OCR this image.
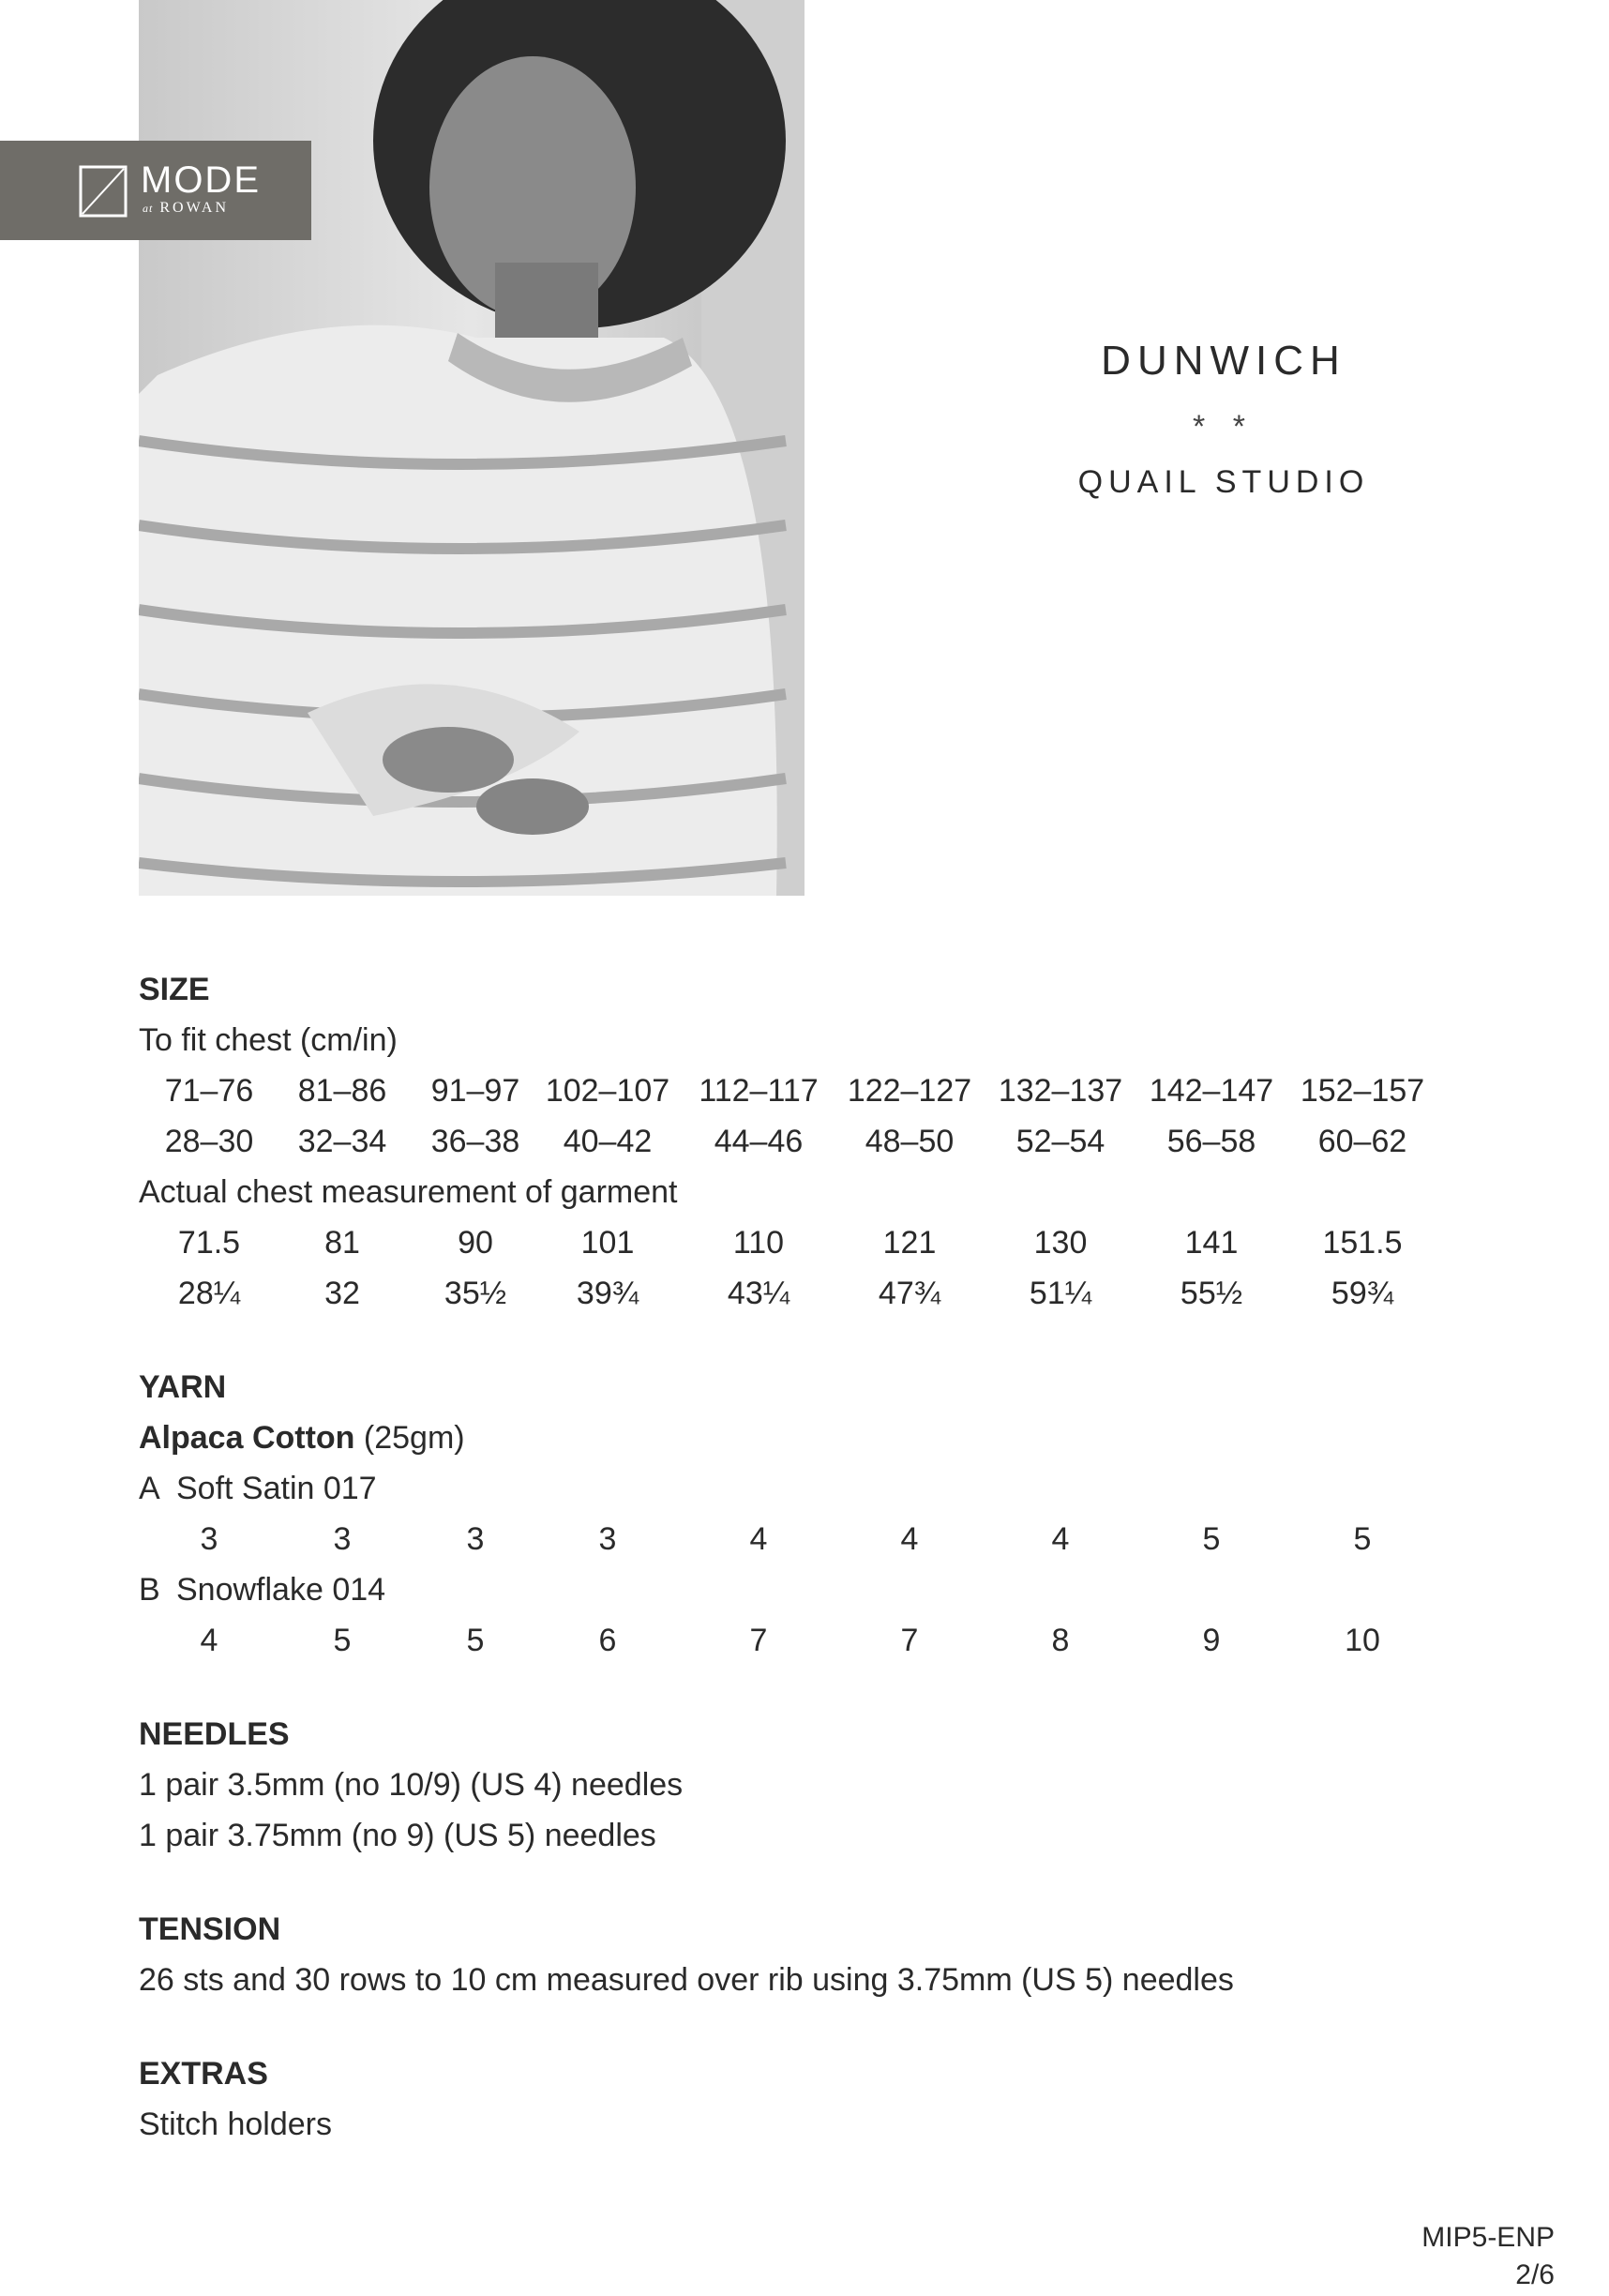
MODE
at ROWAN
DUNWICH
* *
QUAIL STUDIO
SIZE
To fit chest (cm/in)
71–76	81–86	91–97 102–107 112–117 122–127 132–137 142–147 152–157
28–30	32–34	36–38	40–42	44–46	48–50	52–54	56–58	60–62
Actual chest measurement of garment
71.5	81	90	101	110	121	130	141	151.5
28¼	32	35½	39¾	43¼	47¾	51¼	55½	59¾
YARN
Alpaca Cotton (25gm)
A Soft Satin 017
3	3	3	3	4	4	4	5	5
B Snowflake 014
4	5	5	6	7	7	8	9	10
NEEDLES
1 pair 3.5mm (no 10/9) (US 4) needles
1 pair 3.75mm (no 9) (US 5) needles
TENSION
26 sts and 30 rows to 10 cm measured over rib using 3.75mm (US 5) needles
EXTRAS
Stitch holders
MIP5-ENP
2/6
